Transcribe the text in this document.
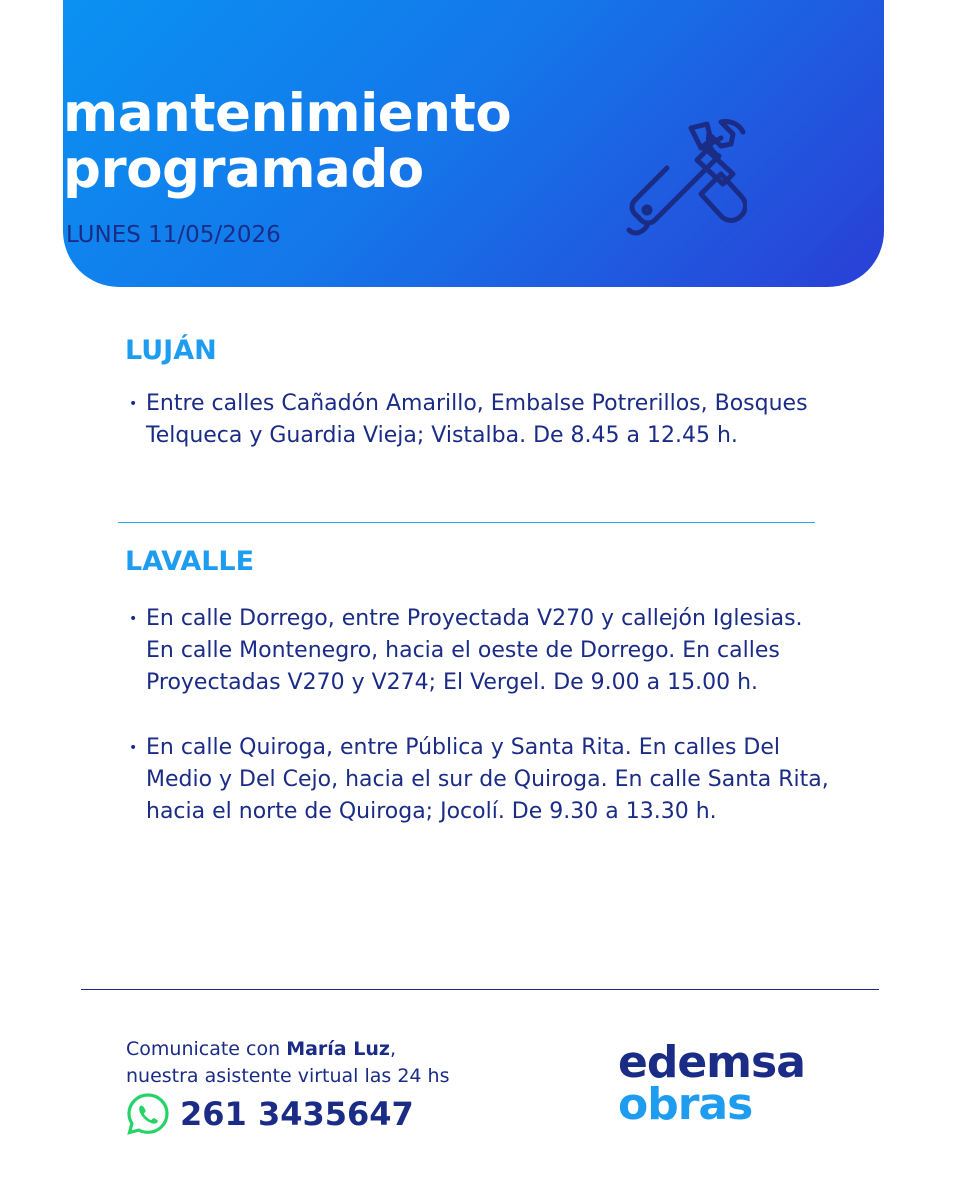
mantenimiento
programado
LUNES 11/05/2026
LUJÁN
• Entre calles Cañadón Amarillo, Embalse Potrerillos, Bosques Telqueca y Guardia Vieja; Vistalba. De 8.45 a 12.45 h.
LAVALLE
• En calle Dorrego, entre Proyectada V270 y callejón Iglesias. En calle Montenegro, hacia el oeste de Dorrego. En calles Proyectadas V270 y V274; El Vergel. De 9.00 a 15.00 h.
• En calle Quiroga, entre Pública y Santa Rita. En calles Del Medio y Del Cejo, hacia el sur de Quiroga. En calle Santa Rita, hacia el norte de Quiroga; Jocolí. De 9.30 a 13.30 h.
Comunicate con María Luz,
nuestra asistente virtual las 24 hs
261 3435647
edemsa
obras
